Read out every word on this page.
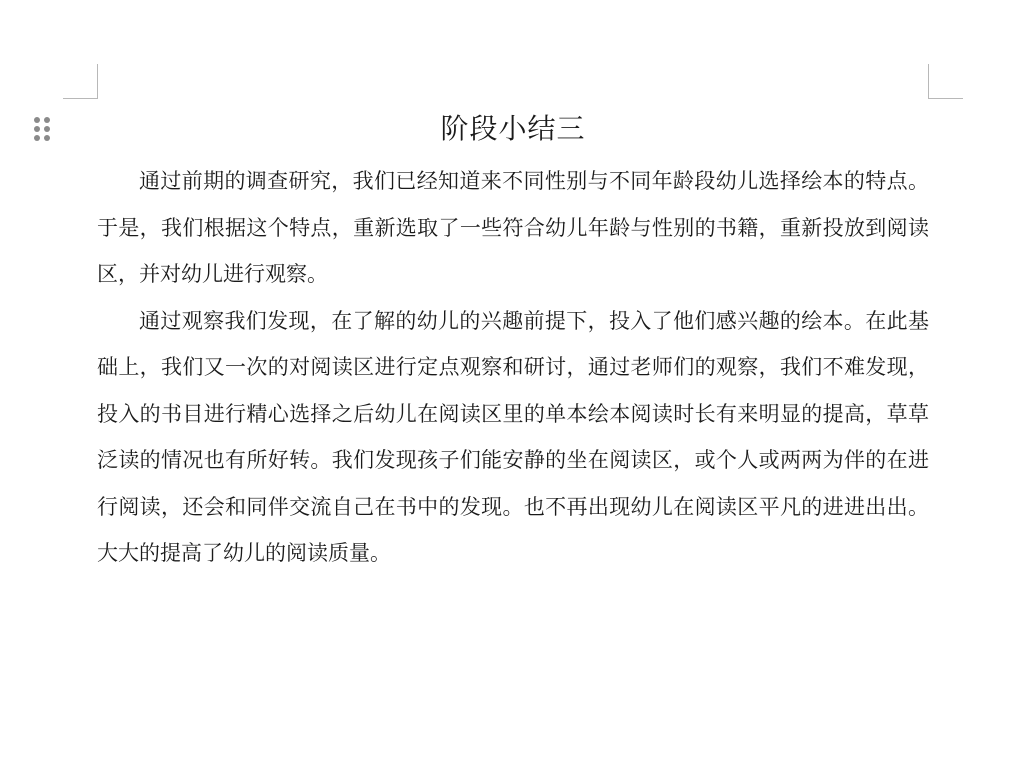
阶段小结三

通过前期的调查研究，我们已经知道来不同性别与不同年龄段幼儿选择绘本的特点。于是，我们根据这个特点，重新选取了一些符合幼儿年龄与性别的书籍，重新投放到阅读区，并对幼儿进行观察。

通过观察我们发现，在了解的幼儿的兴趣前提下，投入了他们感兴趣的绘本。在此基础上，我们又一次的对阅读区进行定点观察和研讨，通过老师们的观察，我们不难发现，投入的书目进行精心选择之后幼儿在阅读区里的单本绘本阅读时长有来明显的提高，草草泛读的情况也有所好转。我们发现孩子们能安静的坐在阅读区，或个人或两两为伴的在进行阅读，还会和同伴交流自己在书中的发现。也不再出现幼儿在阅读区平凡的进进出出。大大的提高了幼儿的阅读质量。
